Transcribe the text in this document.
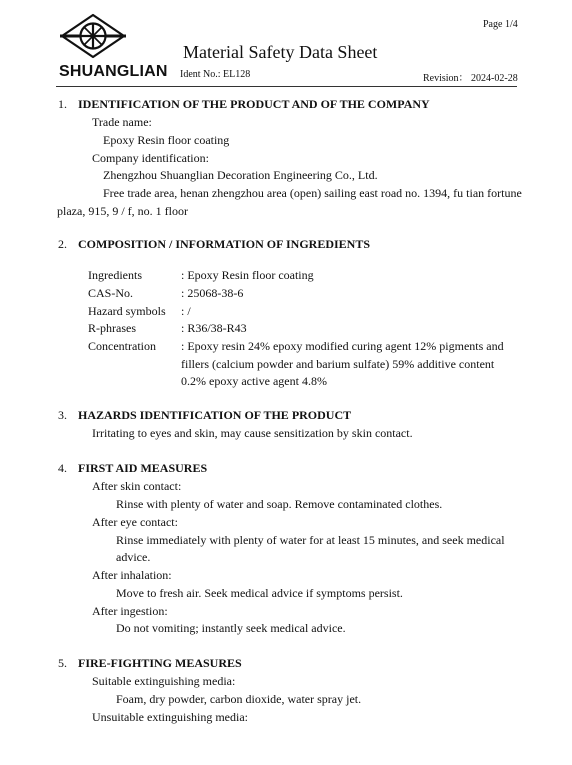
Page 1/4
Material Safety Data Sheet
SHUANGLIAN Ident No.: EL128	Revision： 2024-02-28
1. IDENTIFICATION OF THE PRODUCT AND OF THE COMPANY
Trade name:
Epoxy Resin floor coating
Company identification:
Zhengzhou Shuanglian Decoration Engineering Co., Ltd.
Free trade area, henan zhengzhou area (open) sailing east road no. 1394, fu tian fortune
plaza, 915, 9 / f, no. 1 floor
2. COMPOSITION / INFORMATION OF INGREDIENTS
Ingredients	: Epoxy Resin floor coating
CAS-No.	: 25068-38-6
Hazard symbols : /
R-phrases	: R36/38-R43
Concentration : Epoxy resin 24% epoxy modified curing agent 12% pigments and
fillers (calcium powder and barium sulfate) 59% additive content
0.2% epoxy active agent 4.8%
3. HAZARDS IDENTIFICATION OF THE PRODUCT
Irritating to eyes and skin, may cause sensitization by skin contact.
4. FIRST AID MEASURES
After skin contact:
Rinse with plenty of water and soap. Remove contaminated clothes.
After eye contact:
Rinse immediately with plenty of water for at least 15 minutes, and seek medical
advice.
After inhalation:
Move to fresh air. Seek medical advice if symptoms persist.
After ingestion:
Do not vomiting; instantly seek medical advice.
5. FIRE-FIGHTING MEASURES
Suitable extinguishing media:
Foam, dry powder, carbon dioxide, water spray jet.
Unsuitable extinguishing media:
